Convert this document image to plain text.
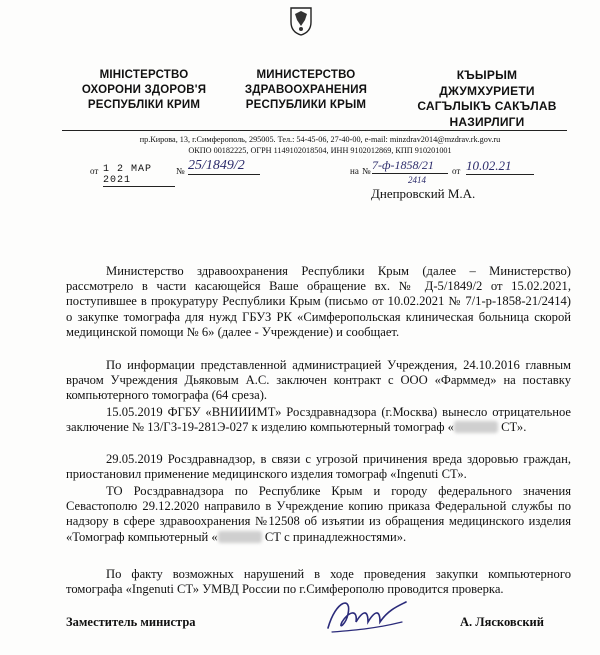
МІНІСТЕРСТВО
ОХОРОНИ ЗДОРОВ'Я
РЕСПУБЛІКИ КРИМ
МИНИСТЕРСТВО
ЗДРАВООХРАНЕНИЯ
РЕСПУБЛИКИ КРЫМ
КЪЫРЫМ
ДЖУМХУРИЕТИ
САГЪЛЫКЪ САКЪЛАВ
НАЗИРЛИГИ
пр.Кирова, 13, г.Симферополь, 295005. Тел.: 54-45-06, 27-40-00, e-mail: minzdrav2014@mzdrav.rk.gov.ru
ОКПО 00182225, ОГРН 1149102018504, ИНН 9102012869, КПП 910201001
от 1 2 МАР 2021
№ 25/1849/2	на № 7-ф-1858/21	от 10.02.21
2414
Днепровский М.А.
Министерство здравоохранения Республики Крым (далее – Министерство) рассмотрело в части касающейся Ваше обращение вх. № Д-5/1849/2 от 15.02.2021, поступившее в прокуратуру Республики Крым (письмо от 10.02.2021 № 7/1-р-1858-21/2414) о закупке томографа для нужд ГБУЗ РК «Симферопольская клиническая больница скорой медицинской помощи № 6» (далее - Учреждение) и сообщает.
По информации представленной администрацией Учреждения, 24.10.2016 главным врачом Учреждения Дьяковым А.С. заключен контракт с ООО «Фарммед» на поставку компьютерного томографа (64 среза).
15.05.2019 ФГБУ «ВНИИИМТ» Росздравнадзора (г.Москва) вынесло отрицательное заключение № 13/ГЗ-19-281Э-027 к изделию компьютерный томограф «	СТ».
29.05.2019 Росздравнадзор, в связи с угрозой причинения вреда здоровью граждан, приостановил применение медицинского изделия томограф «Ingenuti СТ».
ТО Росздравнадзора по Республике Крым и городу федерального значения Севастополю 29.12.2020 направило в Учреждение копию приказа Федеральной службы по надзору в сфере здравоохранения №12508 об изъятии из обращения медицинского изделия «Томограф компьютерный «	СТ с принадлежностями».
По факту возможных нарушений в ходе проведения закупки компьютерного томографа «Ingenuti СТ» УМВД России по г.Симферополю проводится проверка.
Заместитель министра	А. Лясковский
